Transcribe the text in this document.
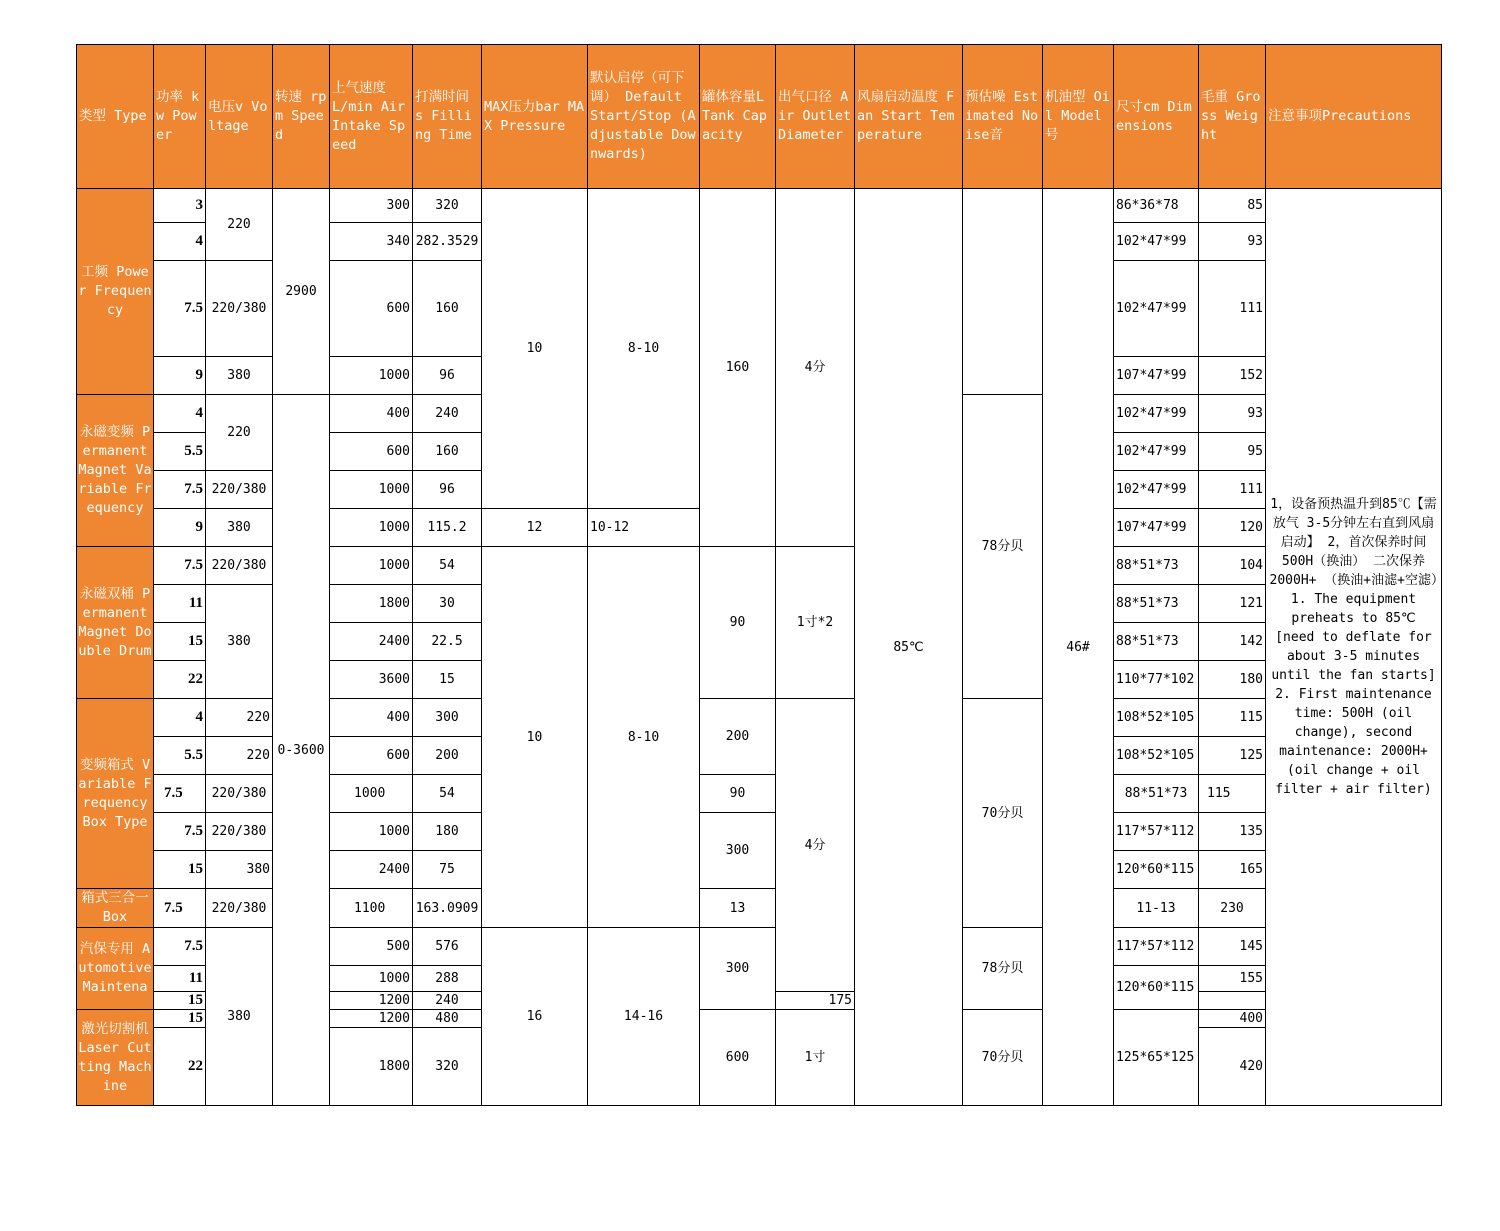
类型 Type	功率 kw Power	电压v Voltage	转速 rpm Speed	上气速度 L/min Air Intake Speed	打满时间 s Filling Time	MAX压力bar MAX Pressure	默认启停（可下调） Default Start/Stop (Adjustable Downwards)	罐体容量L Tank Capacity	出气口径 Air Outlet Diameter	风扇启动温度 Fan Start Temperature	预估噪 Estimated Noise音	机油型 Oil Model号	尺寸cm Dimensions	毛重 Gross Weight	注意事项Precautions	
工频 Power Frequency	3	220	2900	300	320	10	8-10	160	4分	85℃		46#	86*36*78	85	1，设备预热温升到85℃【需放气 3-5分钟左右直到风扇启动】 2，首次保养时间500H（换油） 二次保养2000H+ （换油+油滤+空滤）1. The equipment preheats to 85℃ [need to deflate for about 3-5 minutes until the fan starts] 2. First maintenance time: 500H (oil change), second maintenance: 2000H+ (oil change + oil filter + air filter)	
	4			340	282.3529								102*47*99	93		
	7.5	220/380		600	160								102*47*99	111		
	9	380		1000	96								107*47*99	152		
永磁变频 Permanent Magnet Variable Frequency	4	220	0-3600	400	240						78分贝		102*47*99	93		
	5.5			600	160								102*47*99	95		
	7.5	220/380		1000	96								102*47*99	111		
	9	380		1000	115.2	12	10-12						107*47*99	120		
永磁双桶 Permanent Magnet Double Drum	7.5	220/380		1000	54	10	8-10	90	1寸*2				88*51*73	104		
	11	380		1800	30								88*51*73	121		
	15			2400	22.5								88*51*73	142		
	22			3600	15								110*77*102	180		
变频箱式 Variable Frequency Box Type	4	220		400	300			200	4分		70分贝		108*52*105	115		
	5.5	220		600	200								108*52*105	125		
	7.5	220/380		1000	54			90					88*51*73	115		
	7.5	220/380		1000	180			300					117*57*112	135		
	15	380		2400	75								120*60*115	165		
箱式三合一Box	7.5	220/380		1100	163.0909			13					11-13	230		
汽保专用 Automotive Maintena	7.5	380		500	576	16	14-16	300			78分贝		117*57*112	145		
	11			1000	288								120*60*115	155		
	15			1200	240				175							
激光切割机Laser Cutting Machine	15			1200	480			600	1寸		70分贝		125*65*125	400		
	22			1800	320									420		
